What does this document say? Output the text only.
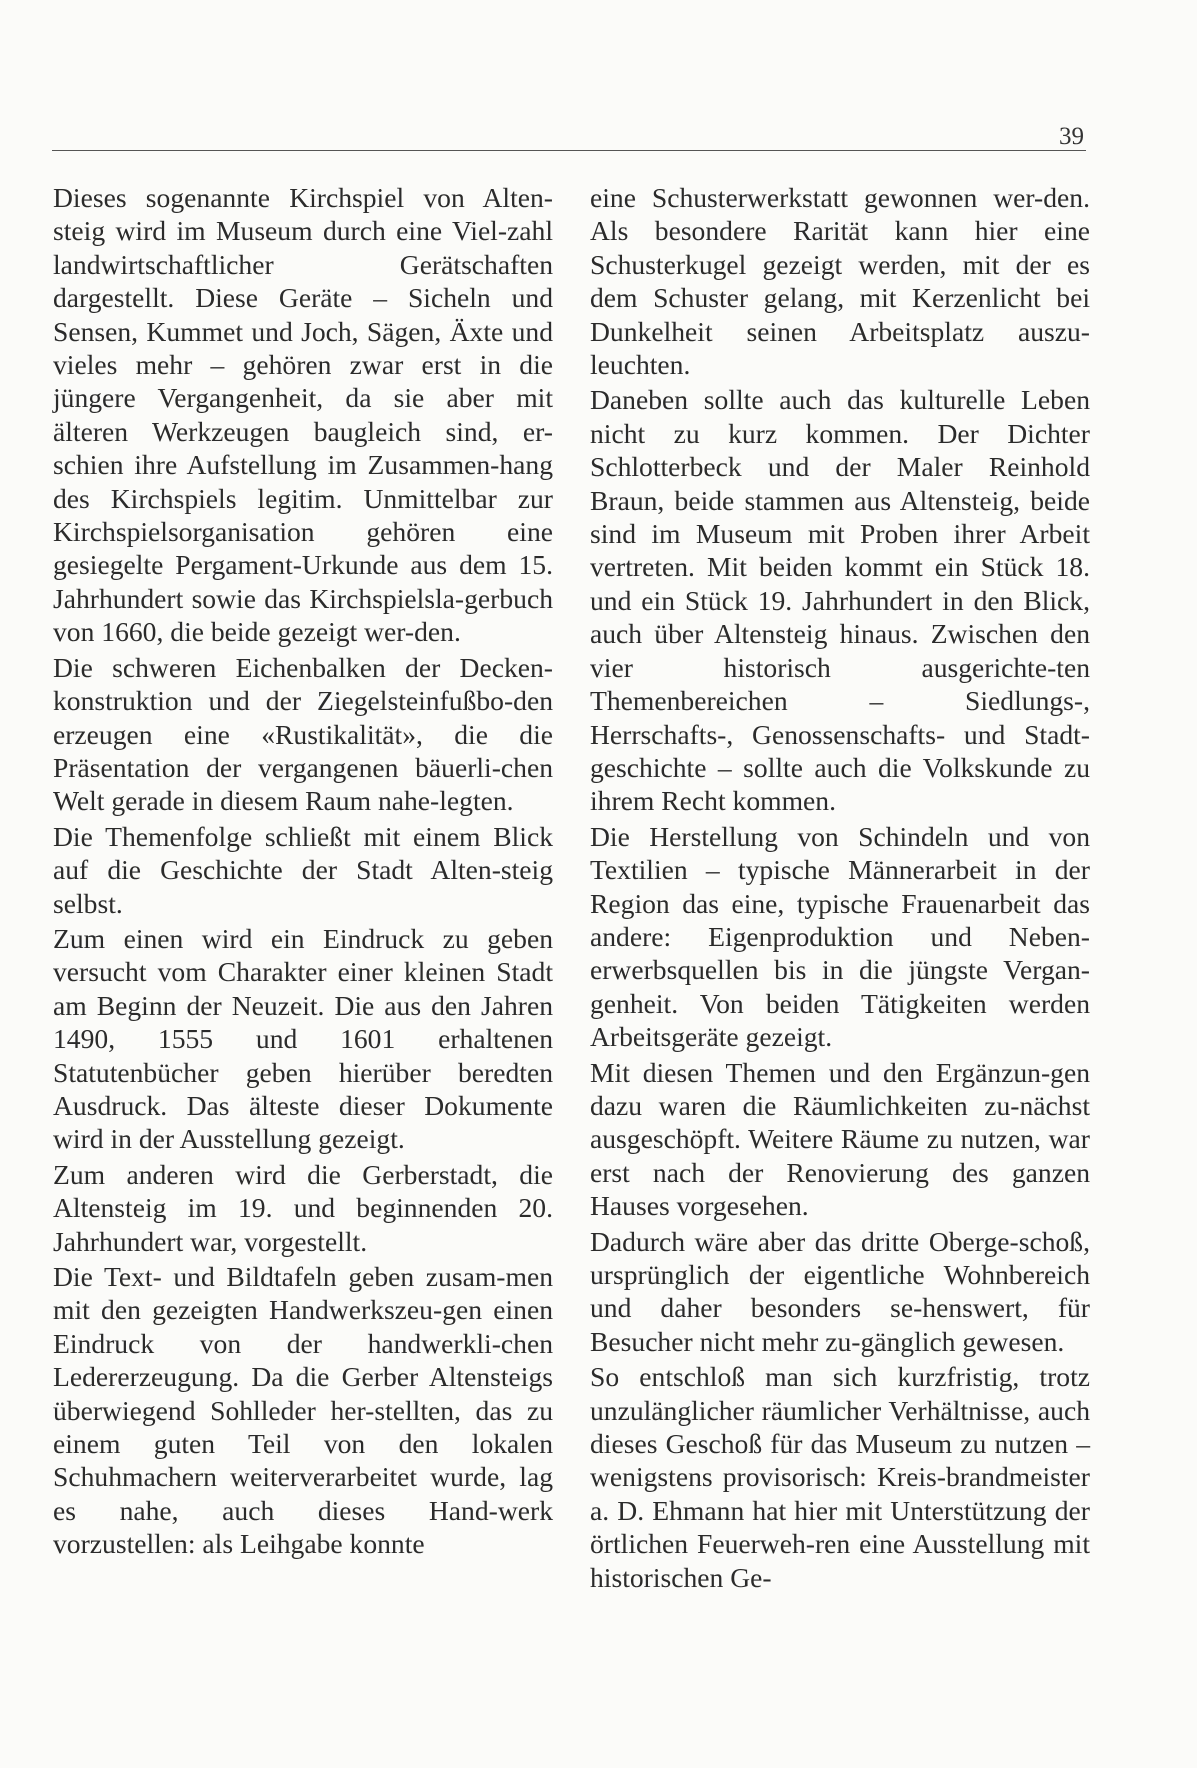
39

Dieses sogenannte Kirchspiel von Alten-steig wird im Museum durch eine Viel-zahl landwirtschaftlicher Gerätschaften dargestellt. Diese Geräte – Sicheln und Sensen, Kummet und Joch, Sägen, Äxte und vieles mehr – gehören zwar erst in die jüngere Vergangenheit, da sie aber mit älteren Werkzeugen baugleich sind, er-schien ihre Aufstellung im Zusammen-hang des Kirchspiels legitim. Unmittelbar zur Kirchspielsorganisation gehören eine gesiegelte Pergament-Urkunde aus dem 15. Jahrhundert sowie das Kirchspielsla-gerbuch von 1660, die beide gezeigt wer-den.

Die schweren Eichenbalken der Decken-konstruktion und der Ziegelsteinfußbo-den erzeugen eine «Rustikalität», die die Präsentation der vergangenen bäuerli-chen Welt gerade in diesem Raum nahe-legten.

Die Themenfolge schließt mit einem Blick auf die Geschichte der Stadt Alten-steig selbst.

Zum einen wird ein Eindruck zu geben versucht vom Charakter einer kleinen Stadt am Beginn der Neuzeit. Die aus den Jahren 1490, 1555 und 1601 erhaltenen Statutenbücher geben hierüber beredten Ausdruck. Das älteste dieser Dokumente wird in der Ausstellung gezeigt.

Zum anderen wird die Gerberstadt, die Altensteig im 19. und beginnenden 20. Jahrhundert war, vorgestellt.

Die Text- und Bildtafeln geben zusam-men mit den gezeigten Handwerkszeu-gen einen Eindruck von der handwerkli-chen Ledererzeugung. Da die Gerber Altensteigs überwiegend Sohlleder her-stellten, das zu einem guten Teil von den lokalen Schuhmachern weiterverarbeitet wurde, lag es nahe, auch dieses Hand-werk vorzustellen: als Leihgabe konnte

eine Schusterwerkstatt gewonnen wer-den. Als besondere Rarität kann hier eine Schusterkugel gezeigt werden, mit der es dem Schuster gelang, mit Kerzenlicht bei Dunkelheit seinen Arbeitsplatz auszu-leuchten.

Daneben sollte auch das kulturelle Leben nicht zu kurz kommen. Der Dichter Schlotterbeck und der Maler Reinhold Braun, beide stammen aus Altensteig, beide sind im Museum mit Proben ihrer Arbeit vertreten. Mit beiden kommt ein Stück 18. und ein Stück 19. Jahrhundert in den Blick, auch über Altensteig hinaus. Zwischen den vier historisch ausgerichte-ten Themenbereichen – Siedlungs-, Herrschafts-, Genossenschafts- und Stadt-geschichte – sollte auch die Volkskunde zu ihrem Recht kommen.

Die Herstellung von Schindeln und von Textilien – typische Männerarbeit in der Region das eine, typische Frauenarbeit das andere: Eigenproduktion und Neben-erwerbsquellen bis in die jüngste Vergan-genheit. Von beiden Tätigkeiten werden Arbeitsgeräte gezeigt.

Mit diesen Themen und den Ergänzun-gen dazu waren die Räumlichkeiten zu-nächst ausgeschöpft. Weitere Räume zu nutzen, war erst nach der Renovierung des ganzen Hauses vorgesehen.

Dadurch wäre aber das dritte Oberge-schoß, ursprünglich der eigentliche Wohnbereich und daher besonders se-henswert, für Besucher nicht mehr zu-gänglich gewesen.

So entschloß man sich kurzfristig, trotz unzulänglicher räumlicher Verhältnisse, auch dieses Geschoß für das Museum zu nutzen – wenigstens provisorisch: Kreis-brandmeister a. D. Ehmann hat hier mit Unterstützung der örtlichen Feuerweh-ren eine Ausstellung mit historischen Ge-
